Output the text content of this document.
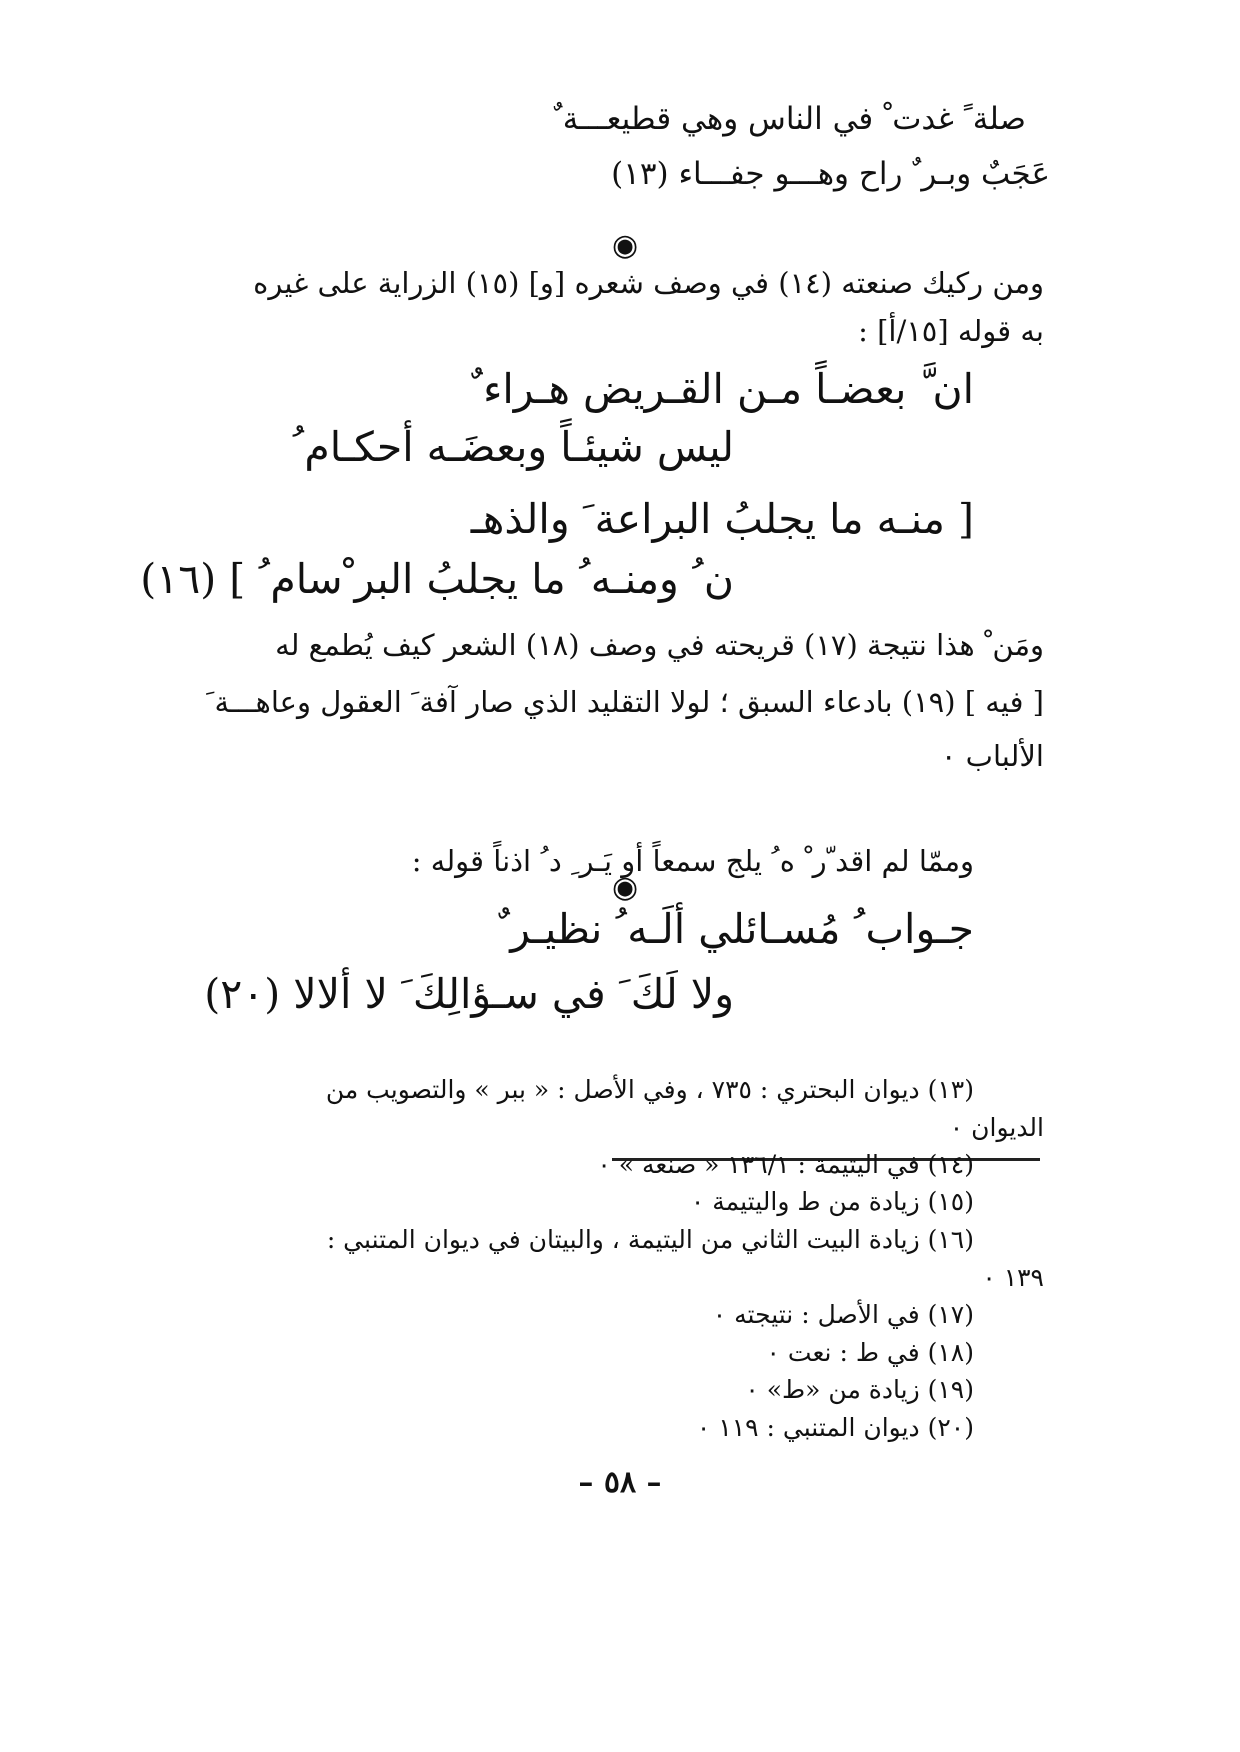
صلة ً غدت ْ في الناس وهي قطيعـــة ٌ
عَجَبٌ وبـر ٌ راح وهـــو جفـــاء (١٣)
◉
ومن ركيك صنعته (١٤) في وصف شعره [و] (١٥) الزراية على غيره
به قوله [١٥/أ] :
ان َّ بعضـاً مـن القـريض هـراء ٌ
ليس شيئـاً وبعضَـه أحكـام ُ
[ منـه ما يجلبُ البراعة َ والذهـ
ن ُ ومنـه ُ ما يجلبُ البر ْسام ُ ] (١٦)
ومَن ْ هذا نتيجة (١٧) قريحته في وصف (١٨) الشعر كيف يُطمع له
[ فيه ] (١٩) بادعاء السبق ؛ لولا التقليد الذي صار آفة َ العقول وعاهـــة َ
الألباب ٠
◉
وممّا لم اقد ّر ْ ه ُ يلج سمعاً أو يَـر ِ د ُ اذناً قوله :
جـواب ُ مُسـائلي ألَـه ُ نظيـر ٌ
ولا لَكَ َ في سـؤالِكَ َ لا ألالا (٢٠)
(١٣) ديوان البحتري : ٧٣٥ ، وفي الأصل : « ببر » والتصويب من
الديوان ٠
(١٤) في اليتيمة : ١٣٦/١ « صنعه » ٠
(١٥) زيادة من ط واليتيمة ٠
(١٦) زيادة البيت الثاني من اليتيمة ، والبيتان في ديوان المتنبي :
١٣٩ ٠
(١٧) في الأصل : نتيجته ٠
(١٨) في ط : نعت ٠
(١٩) زيادة من «ط» ٠
(٢٠) ديوان المتنبي : ١١٩ ٠
– ٥٨ –
